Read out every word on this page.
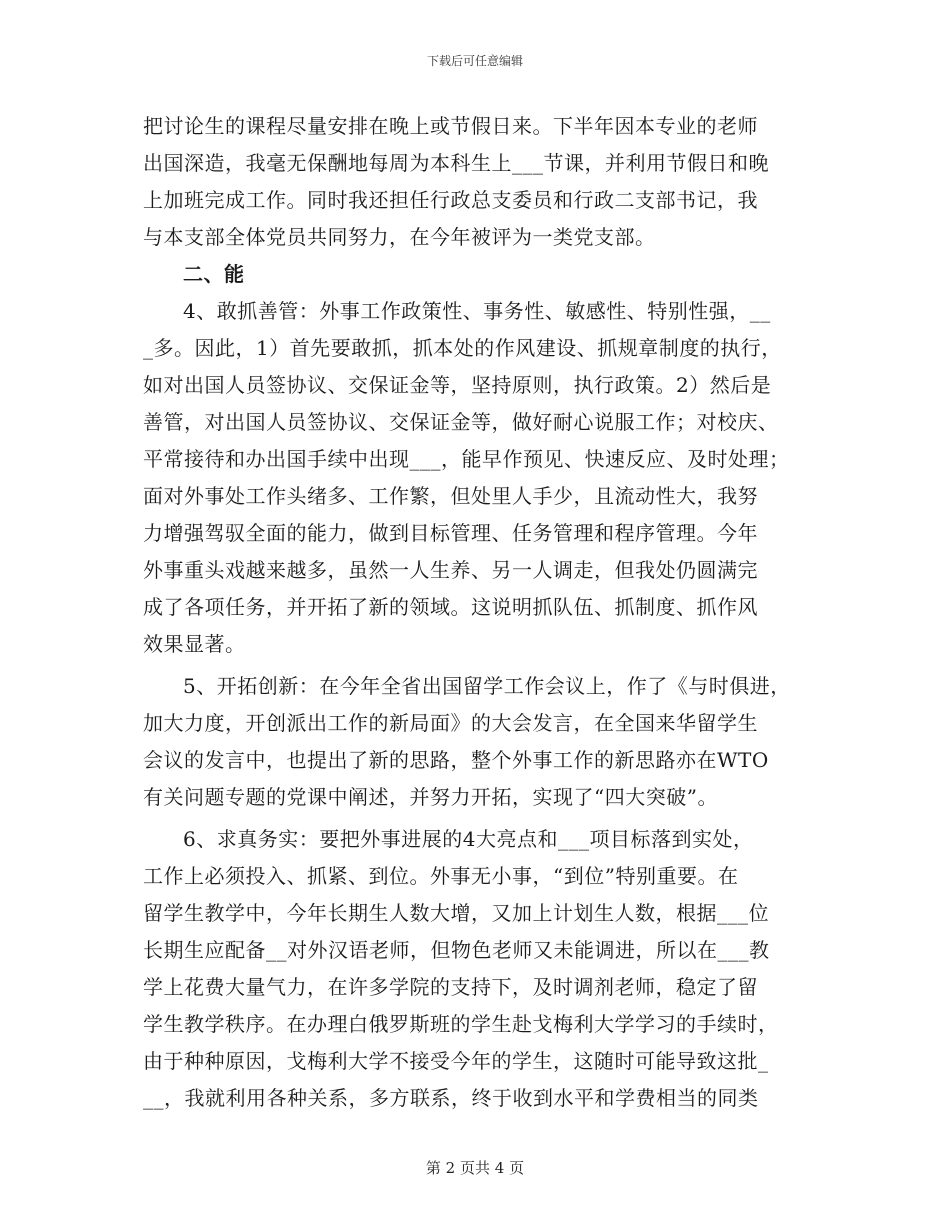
下载后可任意编辑
把讨论生的课程尽量安排在晚上或节假日来。下半年因本专业的老师
出国深造，我毫无保酬地每周为本科生上___节课，并利用节假日和晚
上加班完成工作。同时我还担任行政总支委员和行政二支部书记，我
与本支部全体党员共同努力，在今年被评为一类党支部。
二、能
4、敢抓善管：外事工作政策性、事务性、敏感性、特别性强，__
_多。因此，1）首先要敢抓，抓本处的作风建设、抓规章制度的执行，
如对出国人员签协议、交保证金等，坚持原则，执行政策。2）然后是
善管，对出国人员签协议、交保证金等，做好耐心说服工作；对校庆、
平常接待和办出国手续中出现___，能早作预见、快速反应、及时处理；
面对外事处工作头绪多、工作繁，但处里人手少，且流动性大，我努
力增强驾驭全面的能力，做到目标管理、任务管理和程序管理。今年
外事重头戏越来越多，虽然一人生养、另一人调走，但我处仍圆满完
成了各项任务，并开拓了新的领域。这说明抓队伍、抓制度、抓作风
效果显著。
5、开拓创新：在今年全省出国留学工作会议上，作了《与时俱进，
加大力度，开创派出工作的新局面》的大会发言，在全国来华留学生
会议的发言中，也提出了新的思路，整个外事工作的新思路亦在WTO
有关问题专题的党课中阐述，并努力开拓，实现了“四大突破”。
6、求真务实：要把外事进展的4大亮点和___项目标落到实处，
工作上必须投入、抓紧、到位。外事无小事，“到位”特别重要。在
留学生教学中，今年长期生人数大增，又加上计划生人数，根据___位
长期生应配备__对外汉语老师，但物色老师又未能调进，所以在___教
学上花费大量气力，在许多学院的支持下，及时调剂老师，稳定了留
学生教学秩序。在办理白俄罗斯班的学生赴戈梅利大学学习的手续时，
由于种种原因，戈梅利大学不接受今年的学生，这随时可能导致这批_
__，我就利用各种关系，多方联系，终于收到水平和学费相当的同类
第 2 页共 4 页
